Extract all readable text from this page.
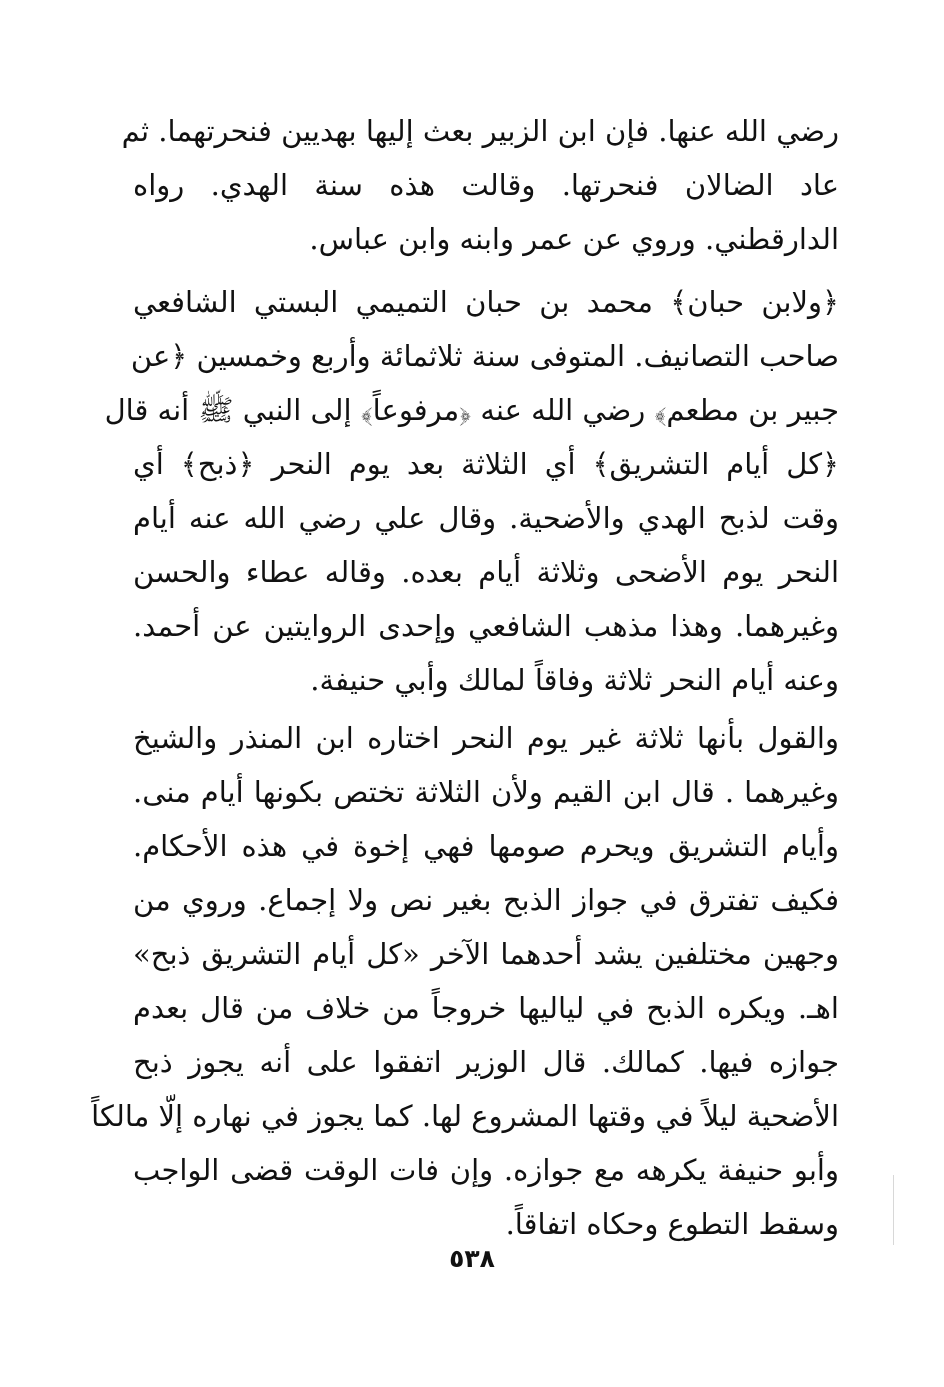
رضي الله عنها. فإن ابن الزبير بعث إليها بهديين فنحرتهما. ثم
عاد الضالان فنحرتها. وقالت هذه سنة الهدي. رواه
الدارقطني. وروي عن عمر وابنه وابن عباس.
﴿ولابن حبان﴾ محمد بن حبان التميمي البستي الشافعي
صاحب التصانيف. المتوفى سنة ثلاثمائة وأربع وخمسين ﴿عن
جبير بن مطعم﴾ رضي الله عنه ﴿مرفوعاً﴾ إلى النبي ﷺ أنه قال
﴿كل أيام التشريق﴾ أي الثلاثة بعد يوم النحر ﴿ذبح﴾ أي
وقت لذبح الهدي والأضحية. وقال علي رضي الله عنه أيام
النحر يوم الأضحى وثلاثة أيام بعده. وقاله عطاء والحسن
وغيرهما. وهذا مذهب الشافعي وإحدى الروايتين عن أحمد.
وعنه أيام النحر ثلاثة وفاقاً لمالك وأبي حنيفة.
والقول بأنها ثلاثة غير يوم النحر اختاره ابن المنذر والشيخ
وغيرهما . قال ابن القيم ولأن الثلاثة تختص بكونها أيام منى.
وأيام التشريق ويحرم صومها فهي إخوة في هذه الأحكام.
فكيف تفترق في جواز الذبح بغير نص ولا إجماع. وروي من
وجهين مختلفين يشد أحدهما الآخر «كل أيام التشريق ذبح»
اهـ. ويكره الذبح في لياليها خروجاً من خلاف من قال بعدم
جوازه فيها. كمالك. قال الوزير اتفقوا على أنه يجوز ذبح
الأضحية ليلاً في وقتها المشروع لها. كما يجوز في نهاره إلّا مالكاً
وأبو حنيفة يكرهه مع جوازه. وإن فات الوقت قضى الواجب
وسقط التطوع وحكاه اتفاقاً.
٥٣٨
